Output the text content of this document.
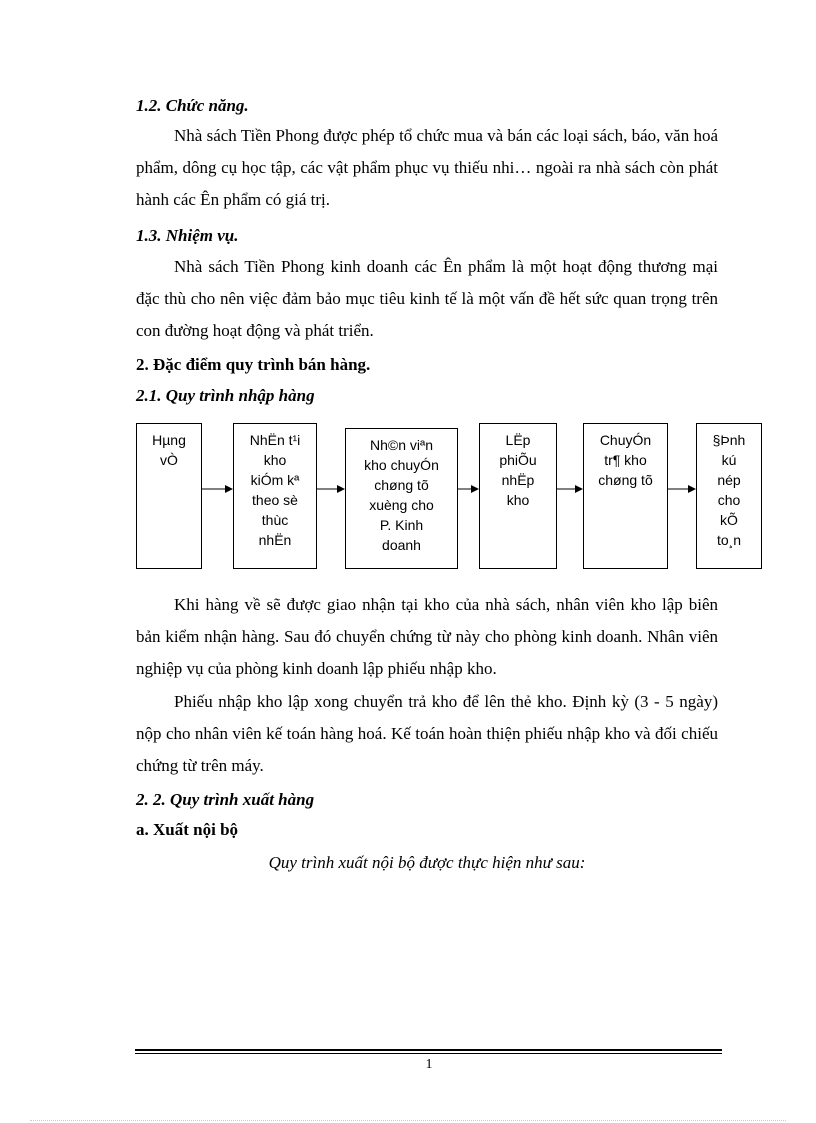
1.2. Chức năng.

Nhà sách Tiền Phong được phép tổ chức mua và bán các loại sách, báo, văn hoá phẩm, dông cụ học tập, các vật phẩm phục vụ thiếu nhi… ngoài ra nhà sách còn phát hành các Ên phẩm có giá trị.

1.3. Nhiệm vụ.

Nhà sách Tiền Phong kinh doanh các Ên phẩm là một hoạt động thương mại đặc thù cho nên việc đảm bảo mục tiêu kinh tế là một vấn đề hết sức quan trọng trên con đường hoạt động và phát triển.

2. Đặc điểm quy trình bán hàng.
2.1. Quy trình nhập hàng
Hµng
vÒ
NhËn t¹i
kho
kiÓm kª
theo sè
thùc
nhËn
Nh©n viªn
kho chuyÓn
chøng tõ
xuèng cho
P. Kinh
doanh
LËp
phiÕu
nhËp
kho
ChuyÓn
tr¶ kho
chøng tõ
§Þnh
kú
nép
cho
kÕ
to¸n

Khi hàng về sẽ được giao nhận tại kho của nhà sách, nhân viên kho lập biên bản kiểm nhận hàng. Sau đó chuyển chứng từ này cho phòng kinh doanh. Nhân viên nghiệp vụ của phòng kinh doanh lập phiếu nhập kho.

Phiếu nhập kho lập xong chuyển trả kho để lên thẻ kho. Định kỳ (3 - 5 ngày) nộp cho nhân viên kế toán hàng hoá. Kế toán hoàn thiện phiếu nhập kho và đối chiếu chứng từ trên máy.

2. 2. Quy trình xuất hàng
a. Xuất nội bộ
Quy trình xuất nội bộ được thực hiện như sau:
1
